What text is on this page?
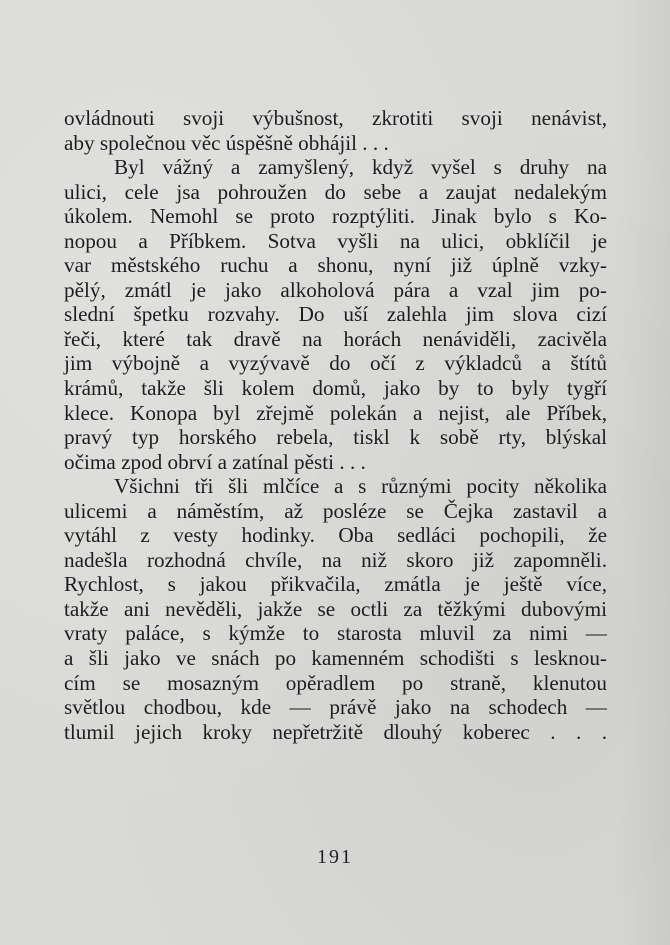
ovládnouti svoji výbušnost, zkrotiti svoji nenávist,
aby společnou věc úspěšně obhájil . . .
Byl vážný a zamyšlený, když vyšel s druhy na
ulici, cele jsa pohroužen do sebe a zaujat nedalekým
úkolem. Nemohl se proto rozptýliti. Jinak bylo s Ko-
nopou a Příbkem. Sotva vyšli na ulici, obklíčil je
var městského ruchu a shonu, nyní již úplně vzky-
pělý, zmátl je jako alkoholová pára a vzal jim po-
slední špetku rozvahy. Do uší zalehla jim slova cizí
řeči, které tak dravě na horách nenáviděli, zacivěla
jim výbojně a vyzývavě do očí z výkladců a štítů
krámů, takže šli kolem domů, jako by to byly tygří
klece. Konopa byl zřejmě polekán a nejist, ale Příbek,
pravý typ horského rebela, tiskl k sobě rty, blýskal
očima zpod obrví a zatínal pěsti . . .
Všichni tři šli mlčíce a s různými pocity několika
ulicemi a náměstím, až posléze se Čejka zastavil a
vytáhl z vesty hodinky. Oba sedláci pochopili, že
nadešla rozhodná chvíle, na niž skoro již zapomněli.
Rychlost, s jakou přikvačila, zmátla je ještě více,
takže ani nevěděli, jakže se octli za těžkými dubovými
vraty paláce, s kýmže to starosta mluvil za nimi —
a šli jako ve snách po kamenném schodišti s lesknou-
cím se mosazným opěradlem po straně, klenutou
světlou chodbou, kde — právě jako na schodech —
tlumil jejich kroky nepřetržitě dlouhý koberec . . .
191
